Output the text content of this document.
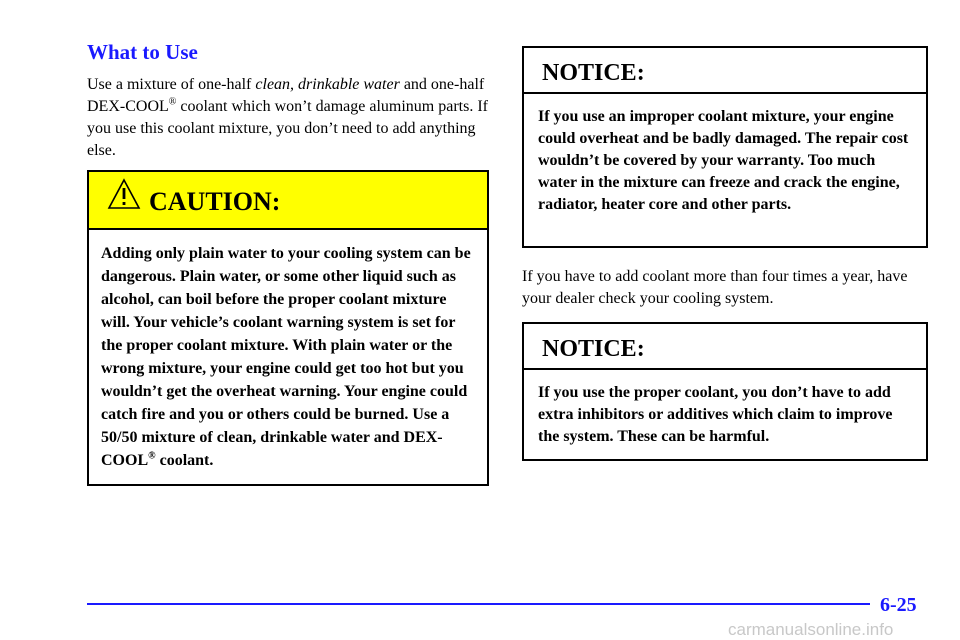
What to Use
Use a mixture of one-half clean, drinkable water and one-half DEX-COOL® coolant which won’t damage aluminum parts. If you use this coolant mixture, you don’t need to add anything else.
CAUTION:
Adding only plain water to your cooling system can be dangerous. Plain water, or some other liquid such as alcohol, can boil before the proper coolant mixture will. Your vehicle’s coolant warning system is set for the proper coolant mixture. With plain water or the wrong mixture, your engine could get too hot but you wouldn’t get the overheat warning. Your engine could catch fire and you or others could be burned. Use a 50/50 mixture of clean, drinkable water and DEX-COOL® coolant.
NOTICE:
If you use an improper coolant mixture, your engine could overheat and be badly damaged. The repair cost wouldn’t be covered by your warranty. Too much water in the mixture can freeze and crack the engine, radiator, heater core and other parts.
If you have to add coolant more than four times a year, have your dealer check your cooling system.
NOTICE:
If you use the proper coolant, you don’t have to add extra inhibitors or additives which claim to improve the system. These can be harmful.
6-25
carmanualsonline.info
